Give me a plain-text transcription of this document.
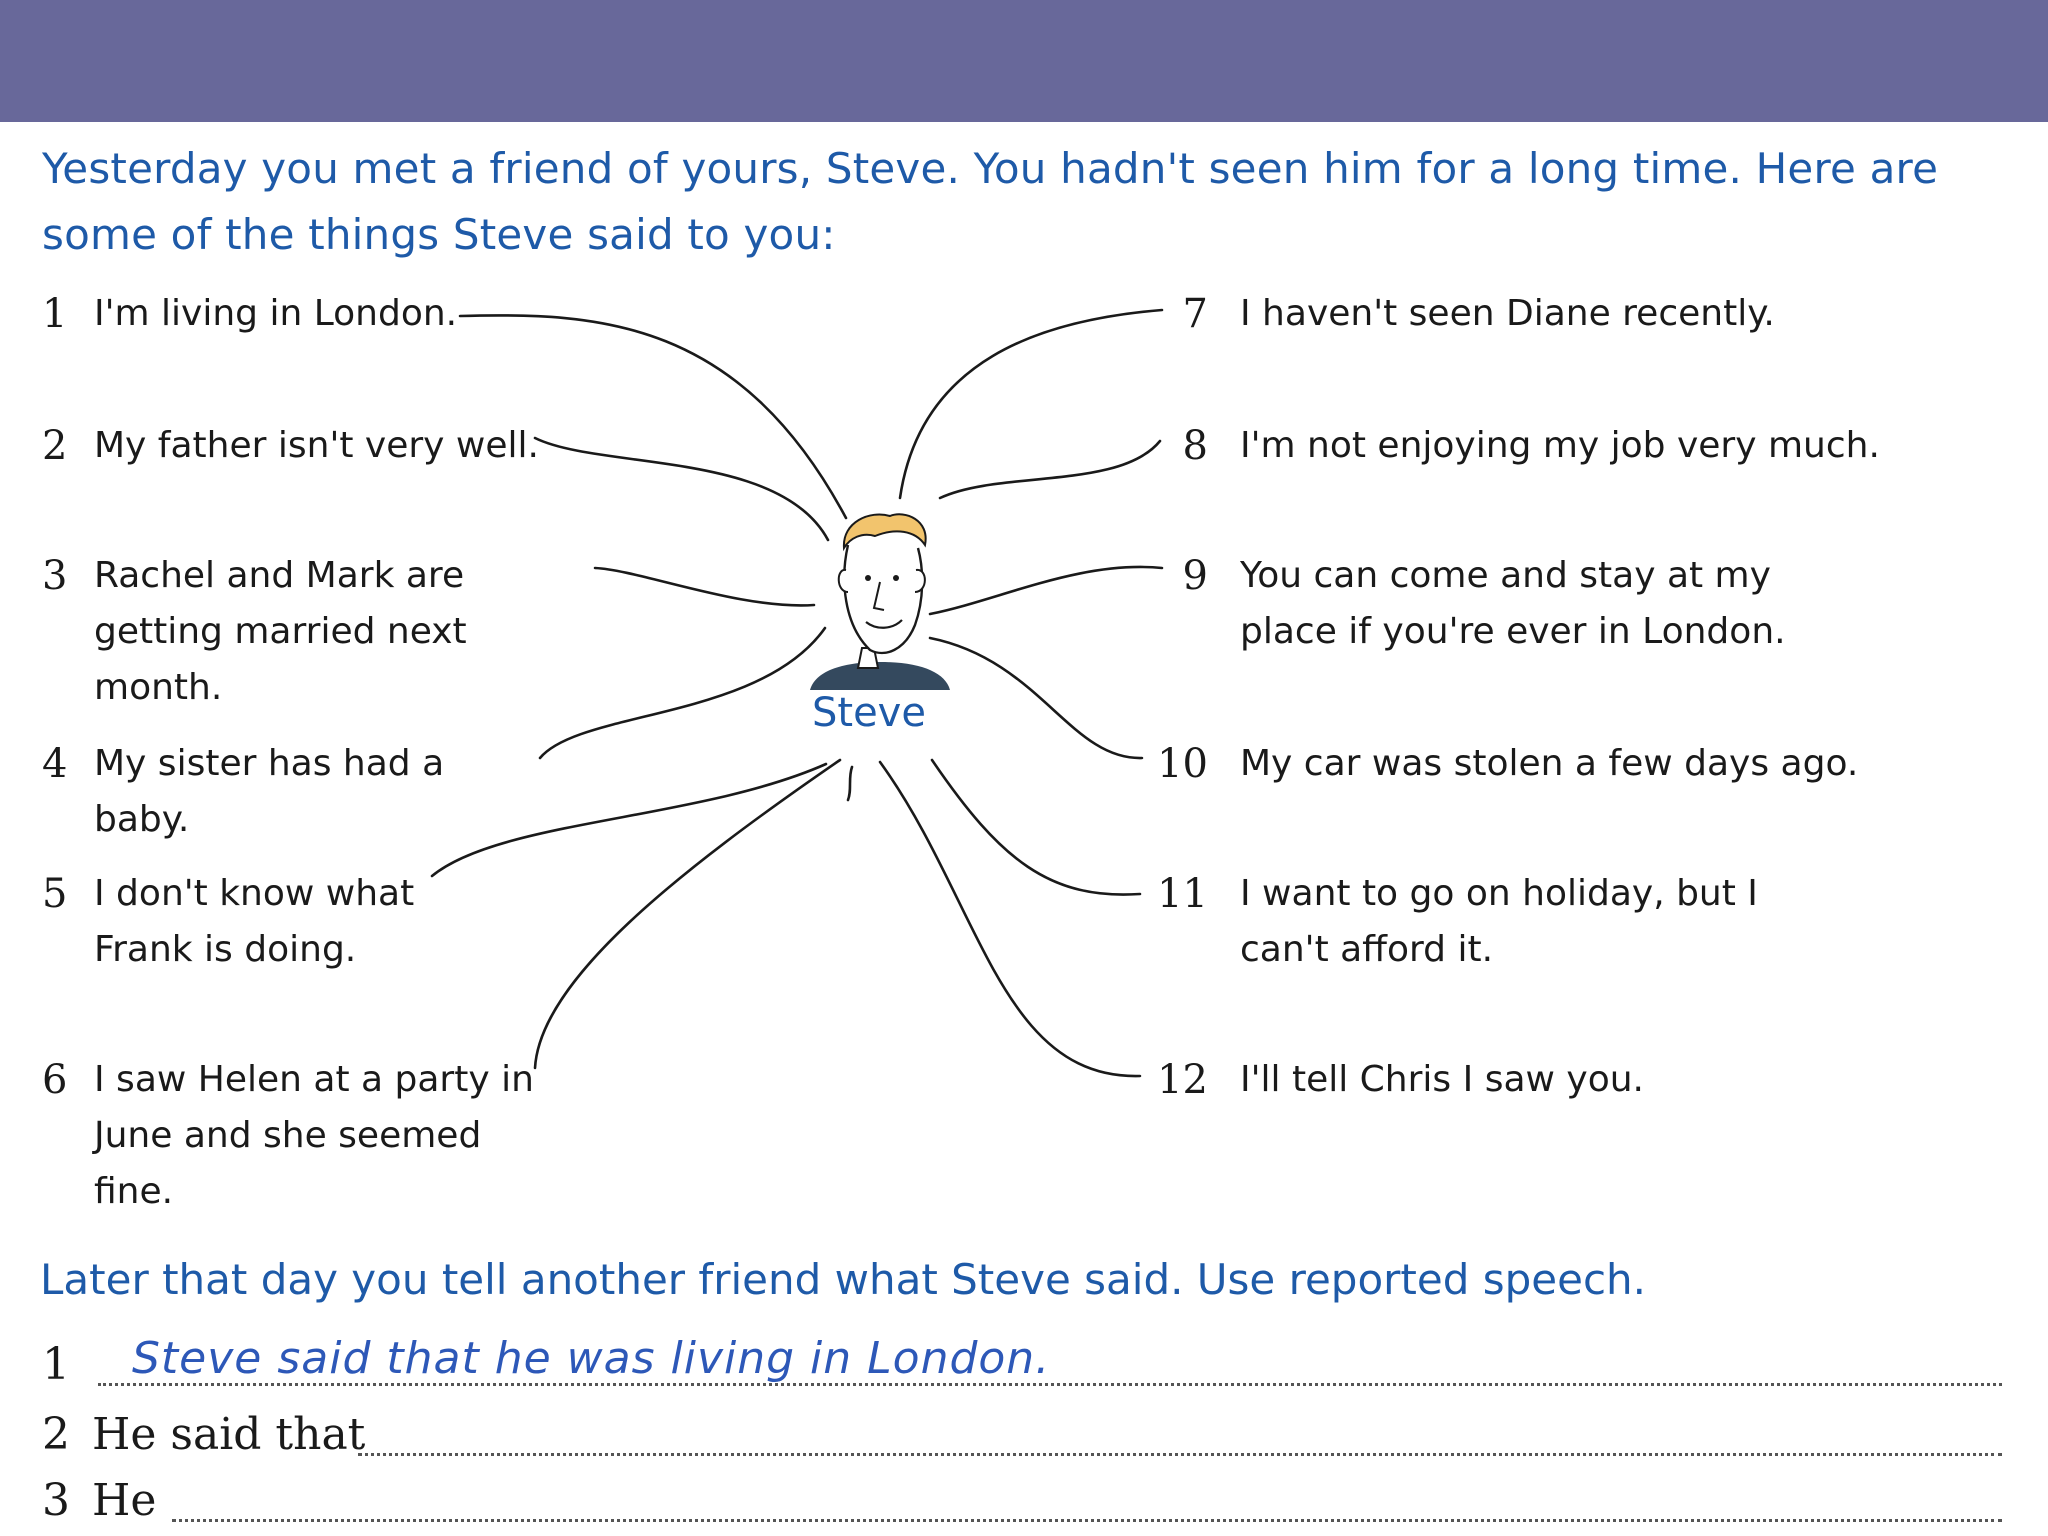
Yesterday you met a friend of yours, Steve. You hadn't seen him for a long time. Here are some of the things Steve said to you:
Steve
1 I'm living in London.
2 My father isn't very well.
3 Rachel and Mark are getting married next month.
4 My sister has had a baby.
5 I don't know what Frank is doing.
6 I saw Helen at a party in June and she seemed fine.
7 I haven't seen Diane recently.
8 I'm not enjoying my job very much.
9 You can come and stay at my place if you're ever in London.
10 My car was stolen a few days ago.
11 I want to go on holiday, but I can't afford it.
12 I'll tell Chris I saw you.
Later that day you tell another friend what Steve said. Use reported speech.
1 Steve said that he was living in London.
2 He said that
3 He
